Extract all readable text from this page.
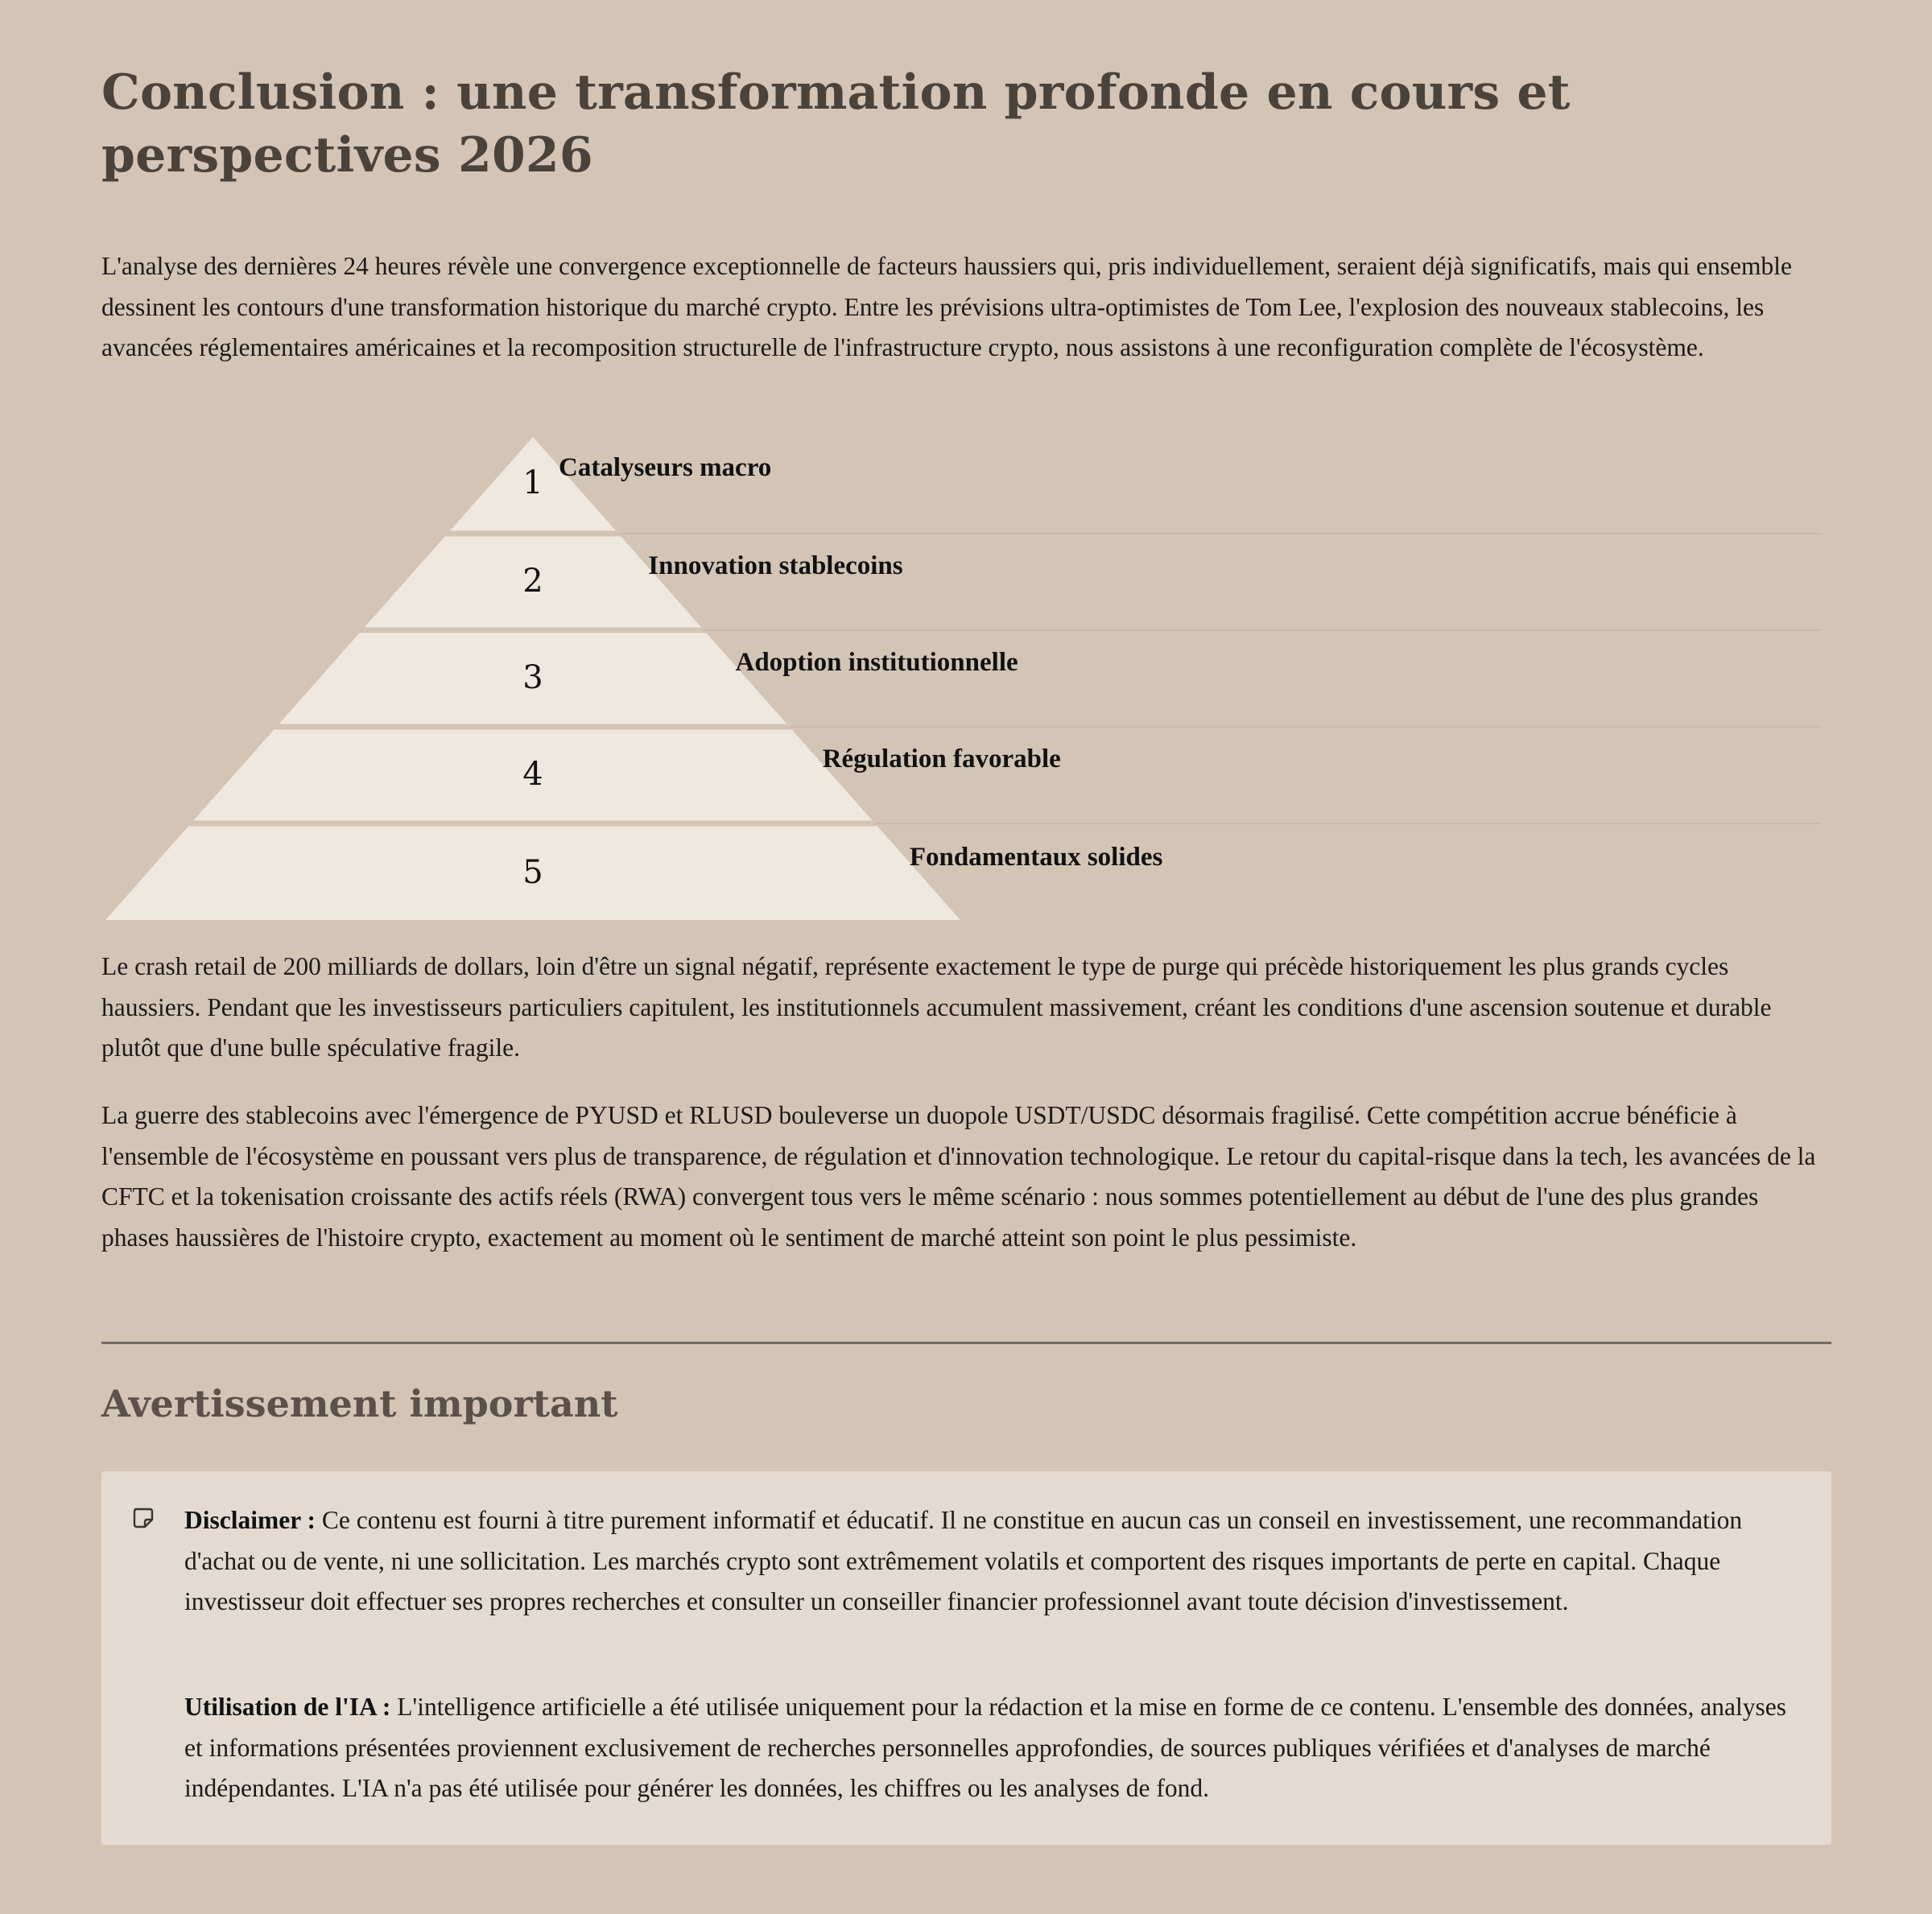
Conclusion : une transformation profonde en cours et perspectives 2026

L'analyse des dernières 24 heures révèle une convergence exceptionnelle de facteurs haussiers qui, pris individuellement, seraient déjà significatifs, mais qui ensemble dessinent les contours d'une transformation historique du marché crypto. Entre les prévisions ultra-optimistes de Tom Lee, l'explosion des nouveaux stablecoins, les avancées réglementaires américaines et la recomposition structurelle de l'infrastructure crypto, nous assistons à une reconfiguration complète de l'écosystème.

1 Catalyseurs macro
2	Innovation stablecoins
3	Adoption institutionnelle
4	Régulation favorable
5	Fondamentaux solides

Le crash retail de 200 milliards de dollars, loin d'être un signal négatif, représente exactement le type de purge qui précède historiquement les plus grands cycles haussiers. Pendant que les investisseurs particuliers capitulent, les institutionnels accumulent massivement, créant les conditions d'une ascension soutenue et durable plutôt que d'une bulle spéculative fragile.

La guerre des stablecoins avec l'émergence de PYUSD et RLUSD bouleverse un duopole USDT/USDC désormais fragilisé. Cette compétition accrue bénéficie à l'ensemble de l'écosystème en poussant vers plus de transparence, de régulation et d'innovation technologique. Le retour du capital-risque dans la tech, les avancées de la CFTC et la tokenisation croissante des actifs réels (RWA) convergent tous vers le même scénario : nous sommes potentiellement au début de l'une des plus grandes phases haussières de l'histoire crypto, exactement au moment où le sentiment de marché atteint son point le plus pessimiste.

Avertissement important

Disclaimer : Ce contenu est fourni à titre purement informatif et éducatif. Il ne constitue en aucun cas un conseil en investissement, une recommandation d'achat ou de vente, ni une sollicitation. Les marchés crypto sont extrêmement volatils et comportent des risques importants de perte en capital. Chaque investisseur doit effectuer ses propres recherches et consulter un conseiller financier professionnel avant toute décision d'investissement.

Utilisation de l'IA : L'intelligence artificielle a été utilisée uniquement pour la rédaction et la mise en forme de ce contenu. L'ensemble des données, analyses et informations présentées proviennent exclusivement de recherches personnelles approfondies, de sources publiques vérifiées et d'analyses de marché indépendantes. L'IA n'a pas été utilisée pour générer les données, les chiffres ou les analyses de fond.
